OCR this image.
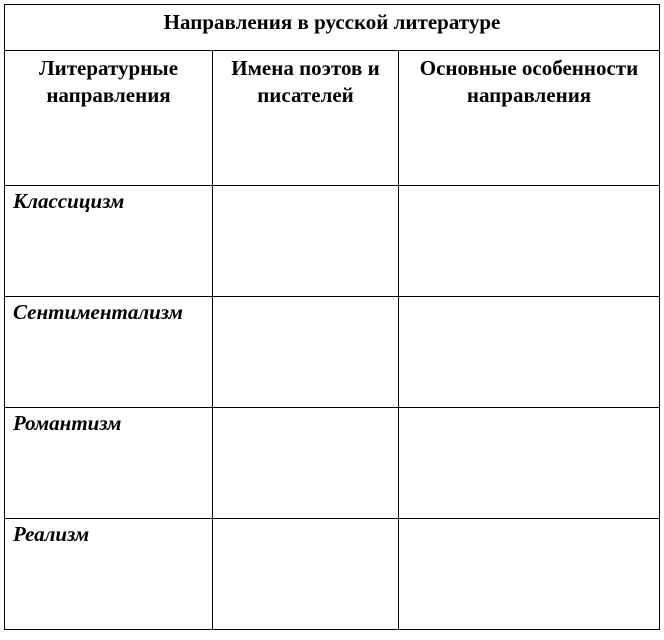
Направления в русской литературе		

Литературные направления	Имена поэтов и писателей	Основные особенности направления

Классицизм		

Сентиментализм		

Романтизм		

Реализм		
